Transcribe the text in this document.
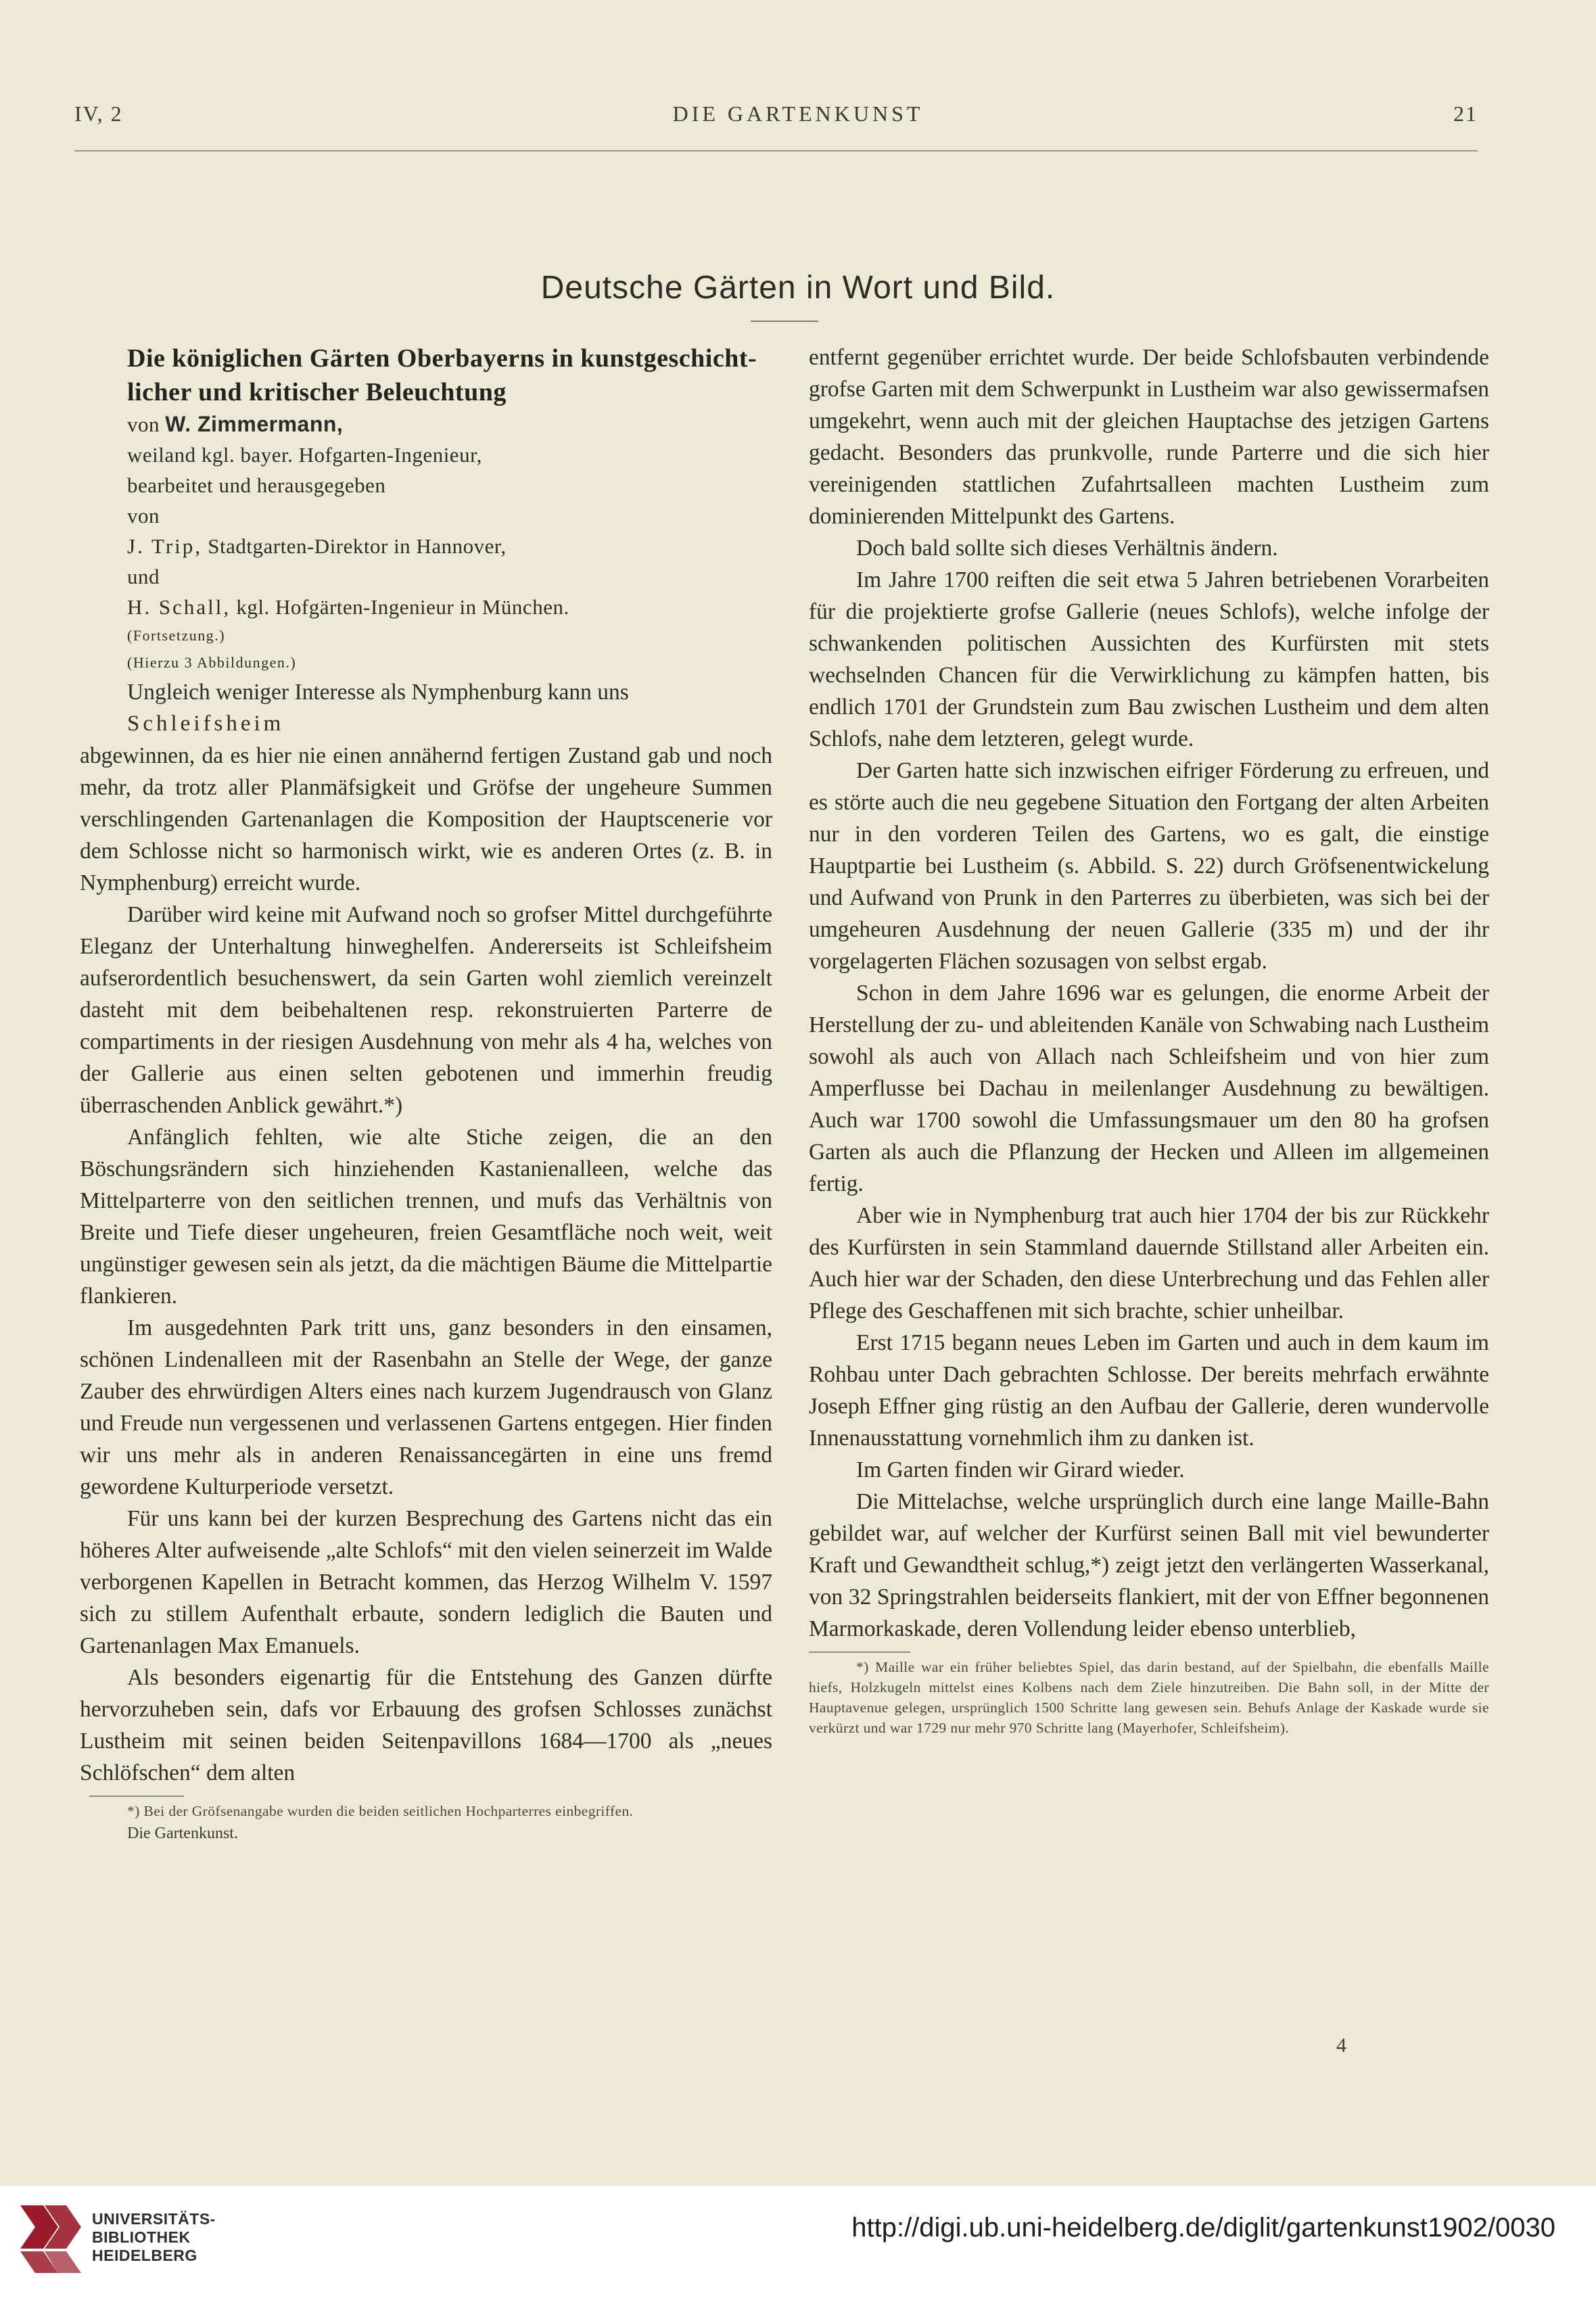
IV, 2	DIE GARTENKUNST	21
Deutsche Gärten in Wort und Bild.

Die königlichen Gärten Oberbayerns in kunstgeschicht-

licher und kritischer Beleuchtung

von W. Zimmermann,

weiland kgl. bayer. Hofgarten-Ingenieur,

bearbeitet und herausgegeben

von

J. Trip, Stadtgarten-Direktor in Hannover,

und

H. Schall, kgl. Hofgärten-Ingenieur in München.

(Fortsetzung.)

(Hierzu 3 Abbildungen.)

Ungleich weniger Interesse als Nymphenburg kann uns

Schleifsheim

abgewinnen, da es hier nie einen annähernd fertigen Zustand gab und noch mehr, da trotz aller Planmäfsigkeit und Gröfse der ungeheure Summen verschlingenden Gartenanlagen die Komposition der Hauptscenerie vor dem Schlosse nicht so harmonisch wirkt, wie es anderen Ortes (z. B. in Nymphenburg) erreicht wurde.

Darüber wird keine mit Aufwand noch so grofser Mittel durchgeführte Eleganz der Unterhaltung hinweghelfen. Andererseits ist Schleifsheim aufserordentlich besuchenswert, da sein Garten wohl ziemlich vereinzelt dasteht mit dem beibehaltenen resp. rekonstruierten Parterre de compartiments in der riesigen Ausdehnung von mehr als 4 ha, welches von der Gallerie aus einen selten gebotenen und immerhin freudig überraschenden Anblick gewährt.*)

Anfänglich fehlten, wie alte Stiche zeigen, die an den Böschungsrändern sich hinziehenden Kastanienalleen, welche das Mittelparterre von den seitlichen trennen, und mufs das Verhältnis von Breite und Tiefe dieser ungeheuren, freien Gesamtfläche noch weit, weit ungünstiger gewesen sein als jetzt, da die mächtigen Bäume die Mittelpartie flankieren.

Im ausgedehnten Park tritt uns, ganz besonders in den einsamen, schönen Lindenalleen mit der Rasenbahn an Stelle der Wege, der ganze Zauber des ehrwürdigen Alters eines nach kurzem Jugendrausch von Glanz und Freude nun vergessenen und verlassenen Gartens entgegen. Hier finden wir uns mehr als in anderen Renaissancegärten in eine uns fremd gewordene Kulturperiode versetzt.

Für uns kann bei der kurzen Besprechung des Gartens nicht das ein höheres Alter aufweisende „alte Schlofs“ mit den vielen seinerzeit im Walde verborgenen Kapellen in Betracht kommen, das Herzog Wilhelm V. 1597 sich zu stillem Aufenthalt erbaute, sondern lediglich die Bauten und Gartenanlagen Max Emanuels.

Als besonders eigenartig für die Entstehung des Ganzen dürfte hervorzuheben sein, dafs vor Erbauung des grofsen Schlosses zunächst Lustheim mit seinen beiden Seitenpavillons 1684—1700 als „neues Schlöfschen“ dem alten

*) Bei der Gröfsenangabe wurden die beiden seitlichen Hochparterres einbegriffen.

Die Gartenkunst.

entfernt gegenüber errichtet wurde. Der beide Schlofsbauten verbindende grofse Garten mit dem Schwerpunkt in Lustheim war also gewissermafsen umgekehrt, wenn auch mit der gleichen Hauptachse des jetzigen Gartens gedacht. Besonders das prunkvolle, runde Parterre und die sich hier vereinigenden stattlichen Zufahrtsalleen machten Lustheim zum dominierenden Mittelpunkt des Gartens.

Doch bald sollte sich dieses Verhältnis ändern.

Im Jahre 1700 reiften die seit etwa 5 Jahren betriebenen Vorarbeiten für die projektierte grofse Gallerie (neues Schlofs), welche infolge der schwankenden politischen Aussichten des Kurfürsten mit stets wechselnden Chancen für die Verwirklichung zu kämpfen hatten, bis endlich 1701 der Grundstein zum Bau zwischen Lustheim und dem alten Schlofs, nahe dem letzteren, gelegt wurde.

Der Garten hatte sich inzwischen eifriger Förderung zu erfreuen, und es störte auch die neu gegebene Situation den Fortgang der alten Arbeiten nur in den vorderen Teilen des Gartens, wo es galt, die einstige Hauptpartie bei Lustheim (s. Abbild. S. 22) durch Gröfsenentwickelung und Aufwand von Prunk in den Parterres zu überbieten, was sich bei der umgeheuren Ausdehnung der neuen Gallerie (335 m) und der ihr vorgelagerten Flächen sozusagen von selbst ergab.

Schon in dem Jahre 1696 war es gelungen, die enorme Arbeit der Herstellung der zu- und ableitenden Kanäle von Schwabing nach Lustheim sowohl als auch von Allach nach Schleifsheim und von hier zum Amperflusse bei Dachau in meilenlanger Ausdehnung zu bewältigen. Auch war 1700 sowohl die Umfassungsmauer um den 80 ha grofsen Garten als auch die Pflanzung der Hecken und Alleen im allgemeinen fertig.

Aber wie in Nymphenburg trat auch hier 1704 der bis zur Rückkehr des Kurfürsten in sein Stammland dauernde Stillstand aller Arbeiten ein. Auch hier war der Schaden, den diese Unterbrechung und das Fehlen aller Pflege des Geschaffenen mit sich brachte, schier unheilbar.

Erst 1715 begann neues Leben im Garten und auch in dem kaum im Rohbau unter Dach gebrachten Schlosse. Der bereits mehrfach erwähnte Joseph Effner ging rüstig an den Aufbau der Gallerie, deren wundervolle Innenausstattung vornehmlich ihm zu danken ist.

Im Garten finden wir Girard wieder.

Die Mittelachse, welche ursprünglich durch eine lange Maille-Bahn gebildet war, auf welcher der Kurfürst seinen Ball mit viel bewunderter Kraft und Gewandtheit schlug,*) zeigt jetzt den verlängerten Wasserkanal, von 32 Springstrahlen beiderseits flankiert, mit der von Effner begonnenen Marmorkaskade, deren Vollendung leider ebenso unterblieb,

*) Maille war ein früher beliebtes Spiel, das darin bestand, auf der Spielbahn, die ebenfalls Maille hiefs, Holzkugeln mittelst eines Kolbens nach dem Ziele hinzutreiben. Die Bahn soll, in der Mitte der Hauptavenue gelegen, ursprünglich 1500 Schritte lang gewesen sein. Behufs Anlage der Kaskade wurde sie verkürzt und war 1729 nur mehr 970 Schritte lang (Mayerhofer, Schleifsheim).

4
UNIVERSITÄTS-
BIBLIOTHEK
HEIDELBERG
http://digi.ub.uni-heidelberg.de/diglit/gartenkunst1902/0030
